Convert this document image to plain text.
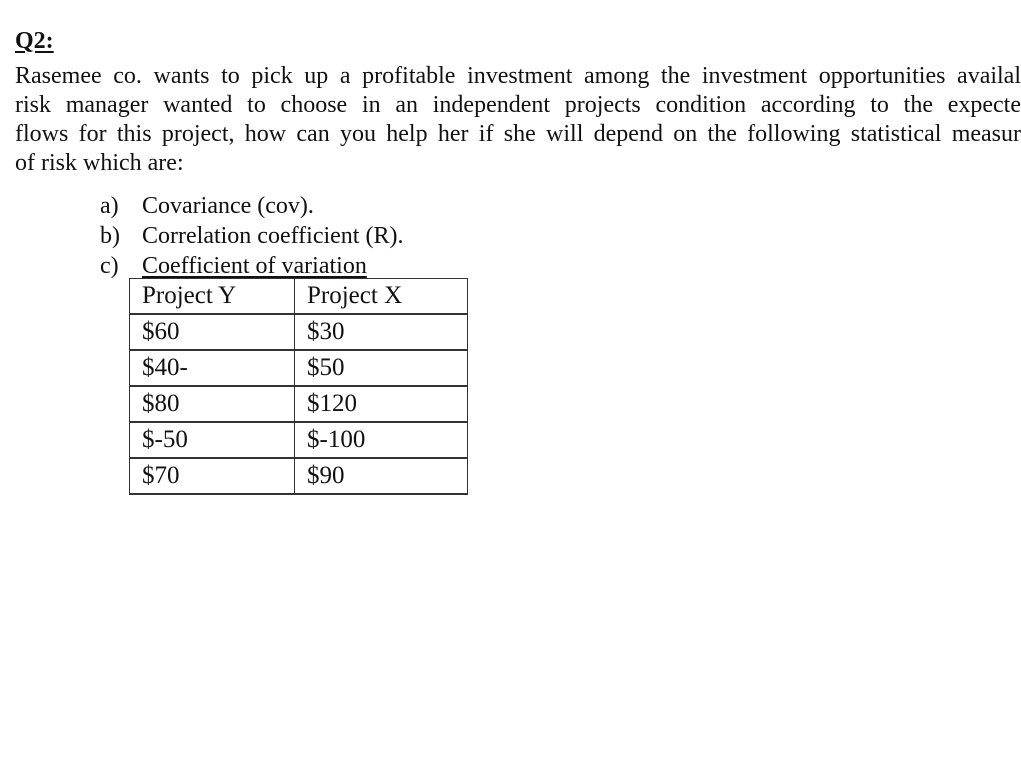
Q2:

Rasemee co. wants to pick up a profitable investment among the investment opportunities availal

risk manager wanted to choose in an independent projects condition according to the expecte

flows for this project, how can you help her if she will depend on the following statistical measur

of risk which are:

a) Covariance (cov).
b) Correlation coefficient (R).
c) Coefficient of variation
Project Y	Project X
$60	$30
$40-	$50
$80	$120
$-50	$-100
$70	$90
